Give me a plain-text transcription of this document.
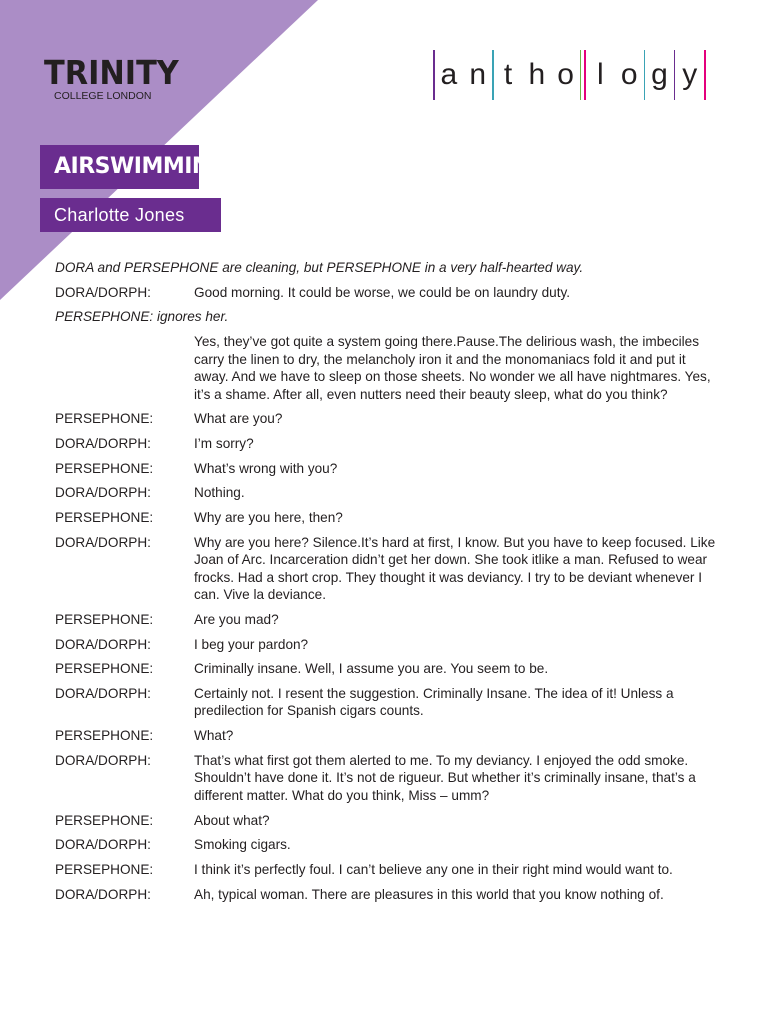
TRINITY
COLLEGE LONDON
a n t h o l o g y
AIRSWIMMING
Charlotte Jones
DORA and PERSEPHONE are cleaning, but PERSEPHONE in a very half-hearted way.
DORA/DORPH:	Good morning. It could be worse, we could be on laundry duty.
PERSEPHONE: ignores her.
Yes, they’ve got quite a system going there.Pause.The delirious wash, the imbeciles carry the linen to dry, the melancholy iron it and the monomaniacs fold it and put it away. And we have to sleep on those sheets. No wonder we all have nightmares. Yes, it’s a shame. After all, even nutters need their beauty sleep, what do you think?
PERSEPHONE:	What are you?
DORA/DORPH:	I’m sorry?
PERSEPHONE:	What’s wrong with you?
DORA/DORPH:	Nothing.
PERSEPHONE:	Why are you here, then?
DORA/DORPH:	Why are you here? Silence.It’s hard at first, I know. But you have to keep focused. Like Joan of Arc. Incarceration didn’t get her down. She took itlike a man. Refused to wear frocks. Had a short crop. They thought it was deviancy. I try to be deviant whenever I can. Vive la deviance.
PERSEPHONE:	Are you mad?
DORA/DORPH:	I beg your pardon?
PERSEPHONE:	Criminally insane. Well, I assume you are. You seem to be.
DORA/DORPH:	Certainly not. I resent the suggestion. Criminally Insane. The idea of it! Unless a predilection for Spanish cigars counts.
PERSEPHONE:	What?
DORA/DORPH:	That’s what first got them alerted to me. To my deviancy. I enjoyed the odd smoke. Shouldn’t have done it. It’s not de rigueur. But whether it’s criminally insane, that’s a different matter. What do you think, Miss – umm?
PERSEPHONE:	About what?
DORA/DORPH:	Smoking cigars.
PERSEPHONE:	I think it’s perfectly foul. I can’t believe any one in their right mind would want to.
DORA/DORPH:	Ah, typical woman. There are pleasures in this world that you know nothing of.
